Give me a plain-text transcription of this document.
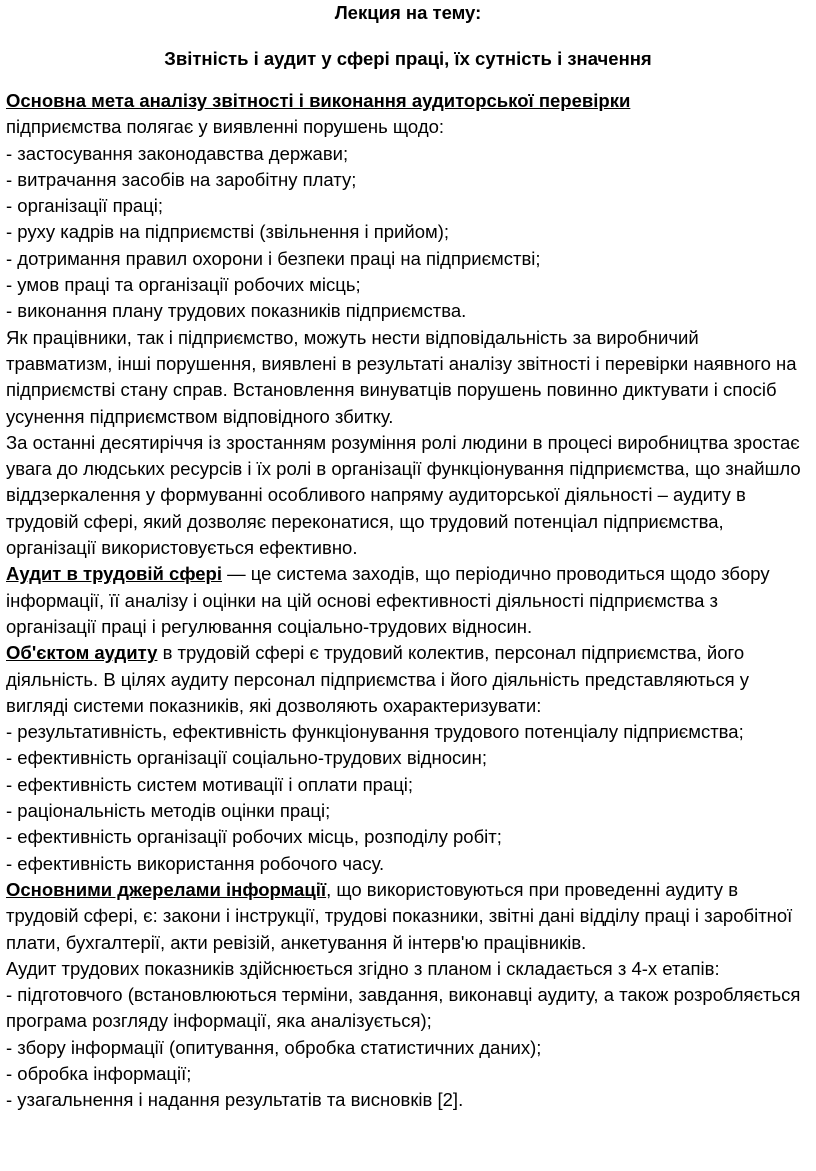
Лекция на тему:

Звітність і аудит у сфері праці, їх сутність і значення

Основна мета аналізу звітності і виконання аудиторської перевірки

підприємства полягає у виявленні порушень щодо:

- застосування законодавства держави;

- витрачання засобів на заробітну плату;

- організації праці;

- руху кадрів на підприємстві (звільнення і прийом);

- дотримання правил охорони і безпеки праці на підприємстві;

- умов праці та організації робочих місць;

- виконання плану трудових показників підприємства.

Як працівники, так і підприємство, можуть нести відповідальність за виробничий травматизм, інші порушення, виявлені в результаті аналізу звітності і перевірки наявного на підприємстві стану справ. Встановлення винуватців порушень повинно диктувати і спосіб усунення підприємством відповідного збитку.

За останні десятиріччя із зростанням розуміння ролі людини в процесі виробництва зростає увага до людських ресурсів і їх ролі в організації функціонування підприємства, що знайшло віддзеркалення у формуванні особливого напряму аудиторської діяльності – аудиту в трудовій сфері, який дозволяє переконатися, що трудовий потенціал підприємства, організації використовується ефективно.

Аудит в трудовій сфері — це система заходів, що періодично проводиться щодо збору інформації, її аналізу і оцінки на цій основі ефективності діяльності підприємства з організації праці і регулювання соціально-трудових відносин.

Об'єктом аудиту в трудовій сфері є трудовий колектив, персонал підприємства, його діяльність. В цілях аудиту персонал підприємства і його діяльність представляються у вигляді системи показників, які дозволяють охарактеризувати:

- результативність, ефективність функціонування трудового потенціалу підприємства;

- ефективність організації соціально-трудових відносин;

- ефективність систем мотивації і оплати праці;

- раціональність методів оцінки праці;

- ефективність організації робочих місць, розподілу робіт;

- ефективність використання робочого часу.

Основними джерелами інформації, що використовуються при проведенні аудиту в трудовій сфері, є: закони і інструкції, трудові показники, звітні дані відділу праці і заробітної плати, бухгалтерії, акти ревізій, анкетування й інтерв'ю працівників.

Аудит трудових показників здійснюється згідно з планом і складається з 4-х етапів:

- підготовчого (встановлюються терміни, завдання, виконавці аудиту, а також розробляється програма розгляду інформації, яка аналізується);

- збору інформації (опитування, обробка статистичних даних);

- обробка інформації;

- узагальнення і надання результатів та висновків [2].
